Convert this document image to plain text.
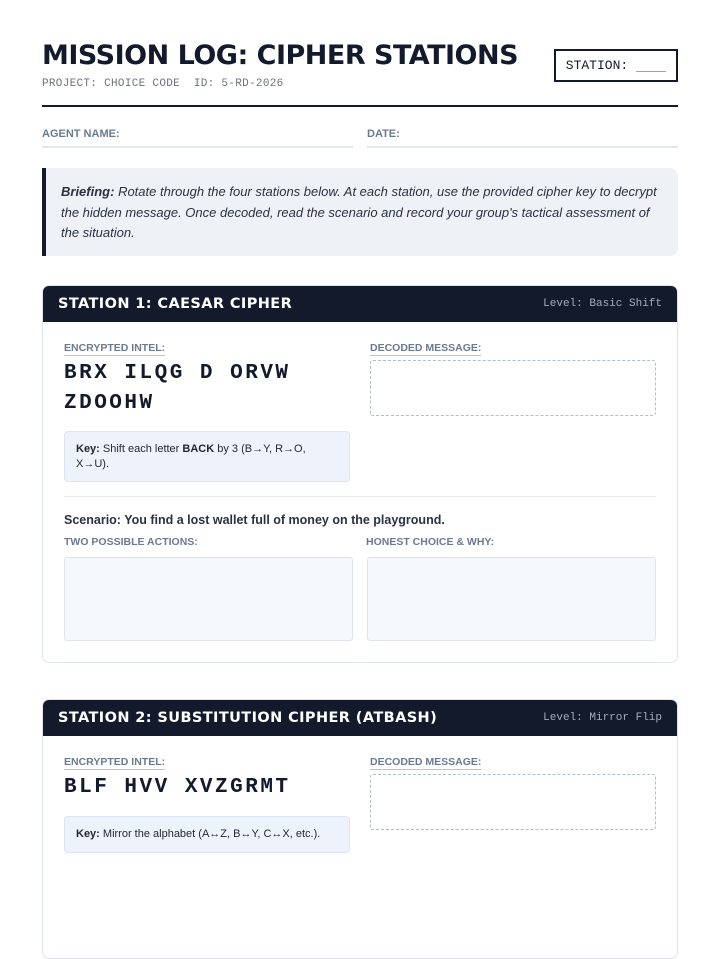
MISSION LOG: CIPHER STATIONS
PROJECT: CHOICE CODE  ID: 5-RD-2026
STATION:
AGENT NAME:	DATE:
Briefing: Rotate through the four stations below. At each station, use the provided cipher key to decrypt the hidden message. Once decoded, read the scenario and record your group's tactical assessment of the situation.
STATION 1: CAESAR CIPHER	Level: Basic Shift
ENCRYPTED INTEL:
BRX ILQG D ORVW ZDOOHW
DECODED MESSAGE:
Key: Shift each letter BACK by 3 (B→Y, R→O, X→U).
Scenario: You find a lost wallet full of money on the playground.
TWO POSSIBLE ACTIONS:	HONEST CHOICE & WHY:
STATION 2: SUBSTITUTION CIPHER (ATBASH)	Level: Mirror Flip
ENCRYPTED INTEL:
BLF HVV XVZGRMT
DECODED MESSAGE:
Key: Mirror the alphabet (A↔Z, B↔Y, C↔X, etc.).
